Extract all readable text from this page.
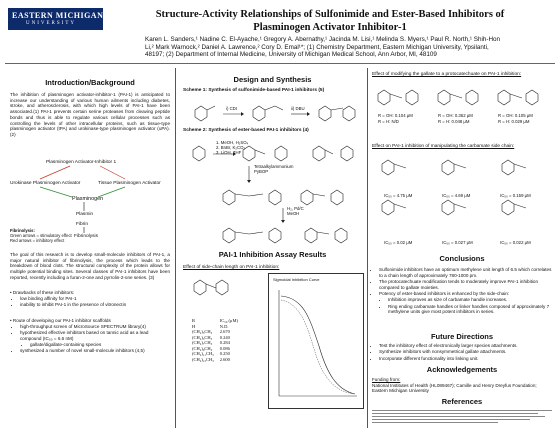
EASTERN MICHIGAN
UNIVERSITY
Structure-Activity Relationships of Sulfonimide and Ester-Based Inhibitors of
Plasminogen Activator Inhibitor-1
Karen L. Sanders,¹ Nadine C. El-Ayache,¹ Gregory A. Abernathy,¹ Jacinda M. Lisi,¹ Melinda S. Myers,¹ Paul R. North,¹ Shih-Hon
Li,² Mark Warnock,² Daniel A. Lawrence,² Cory D. Emal¹*; (1) Chemistry Department, Eastern Michigan University, Ypsilanti,
48197; (2) Department of Internal Medicine, University of Michigan Medical School, Ann Arbor, MI, 48109
Introduction/Background
The inhibition of plasminogen activator-inhibitor-1 (PAI-1) is anticipated to increase our understanding of various human ailments including diabetes, stroke, and atherosclerosis, with which high levels of PAI-1 have been associated.(1) PAI-1 prevents certain serine proteases from cleaving peptide bonds and thus is able to regulate various cellular processes such as controlling the levels of other intracellular proteins, such as tissue-type plasminogen activator (tPA) and urokinase-type plasminogen activator (uPA).(2)
Plasminogen Activator-Inhibitor 1
Urokinase Plasminogen Activator	Tissue Plasminogen Activator
Plasminogen
Plasmin
Fibrin
Fibrinolysis
Fibrinolysis:
Green arrows = stimulatory effect
Red arrows = inhibitory effect
The goal of this research is to develop small-molecule inhibitors of PAI-1, a major natural inhibitor of fibrinolysis, the process which leads to the breakdown of blood clots. The structural complexity of the protein allows for multiple potential binding sites. Several classes of PAI-1 inhibitors have been reported, recently including a furan-2-one and pyrrolin-2-one series. (3)
• Drawbacks of these inhibitors:
• low binding affinity for PAI-1
• inability to inhibit PAI-1 in the presence of vitronectin
• Route of developing our PAI-1 inhibitor scaffolds
• high-throughput screen of MicroSource SPECTRUM library(4)
• hypothesized effective inhibitors based on tannic acid as a lead compound (IC₅₀ = 6.6 nM)
• gallate/digallate-containing species
• synthesized a number of novel small-molecule inhibitors (4,5)
Design and Synthesis
Scheme 1: Synthesis of sulfonimide-based PAI-1 inhibitors (5)
i) CDI	ii) DBU
Scheme 2: Synthesis of ester-based PAI-1 inhibitors (4)
1. MeOH, H₂SO₄
2. BnBr, K₂CO₃
3. LiOH, THF
Tetraalkylammonium
PyBOP
H₂, Pd/C
MeOH
PAI-1 Inhibition Assay Results
Effect of side-chain length on PAI-1 inhibition:
R	IC₅₀ (μM)
H	N.D.
(CH₂)₃CH₃	2.670
(CH₂)₅CH₃	0.240
(CH₂)₇CH₃	0.284
(CH₂)₉CH₃	0.086
(CH₂)₁₁CH₃	0.250
(CH₂)₁₃CH₃	2.600
Sigmoidal Inhibition Curve
Effect of modifying the gallate to a protocatechuate on PAI-1 inhibition:
R = OH: 0.104 μM
R = H: N/D
R = OH: 0.362 μM
R = H: 0.048 μM
R = OH: 0.105 μM
R = H: 0.029 μM
Effect on PAI-1 inhibition of manipulating the carbamate side chain:
IC₅₀ = 4.75 μM	IC₅₀ = 4.69 μM	IC₅₀ = 0.159 μM
IC₅₀ = 0.02 μM	IC₅₀ = 0.027 μM	IC₅₀ = 0.022 μM
Conclusions
• Sulfonimide inhibitors have an optimum methylene unit length of 6.5 which correlates to a chain length of approximately 780-1000 pm.
• The protocatechuate modification tends to moderately improve PAI-1 inhibition compared to gallate moieties.
• Potency of ester-based inhibitors is enhanced by the side-chain:
• Inhibition improves as size of carbamate handle increases.
• Ring ending carbamate handles or linker handles composed of approximately 7 methylene units give most potent inhibitors in series.
Future Directions
• Test the inhibitory effect of electronically larger species attachments.
• Synthesize inhibitors with nonsymmetrical gallate attachments.
• Incorporate different functionality into linking unit.
Acknowledgements
Funding from:
National Institutes of Health (HL089467); Camille and Henry Dreyfus Foundation; Eastern Michigan University
References
